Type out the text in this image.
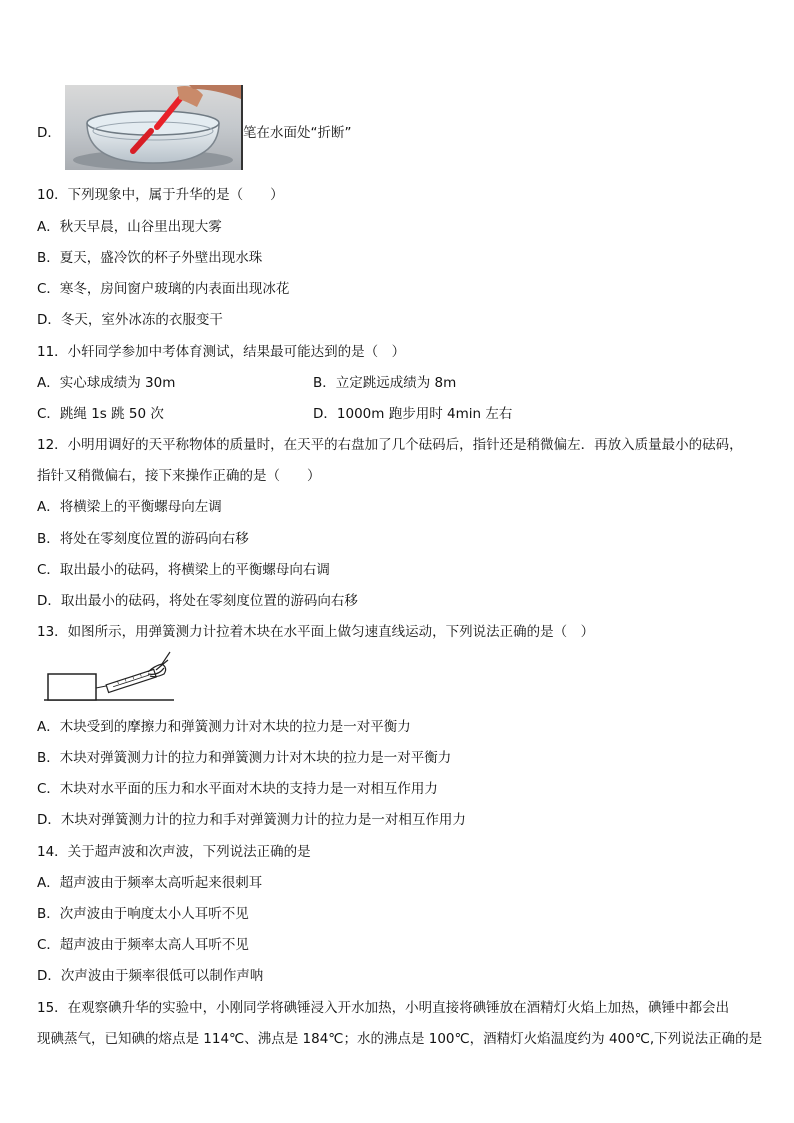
D．	笔在水面处“折断”
10．下列现象中，属于升华的是（　　）
A．秋天早晨，山谷里出现大雾
B．夏天，盛冷饮的杯子外壁出现水珠
C．寒冬，房间窗户玻璃的内表面出现冰花
D．冬天，室外冰冻的衣服变干
11．小轩同学参加中考体育测试，结果最可能达到的是（　）
A．实心球成绩为 30m	B．立定跳远成绩为 8m
C．跳绳 1s 跳 50 次	D．1000m 跑步用时 4min 左右
12．小明用调好的天平称物体的质量时，在天平的右盘加了几个砝码后，指针还是稍微偏左．再放入质量最小的砝码，
指针又稍微偏右，接下来操作正确的是（　　）
A．将横梁上的平衡螺母向左调
B．将处在零刻度位置的游码向右移
C．取出最小的砝码，将横梁上的平衡螺母向右调
D．取出最小的砝码，将处在零刻度位置的游码向右移
13．如图所示，用弹簧测力计拉着木块在水平面上做匀速直线运动，下列说法正确的是（　）
A．木块受到的摩擦力和弹簧测力计对木块的拉力是一对平衡力
B．木块对弹簧测力计的拉力和弹簧测力计对木块的拉力是一对平衡力
C．木块对水平面的压力和水平面对木块的支持力是一对相互作用力
D．木块对弹簧测力计的拉力和手对弹簧测力计的拉力是一对相互作用力
14．关于超声波和次声波，下列说法正确的是
A．超声波由于频率太高听起来很刺耳
B．次声波由于响度太小人耳听不见
C．超声波由于频率太高人耳听不见
D．次声波由于频率很低可以制作声呐
15．在观察碘升华的实验中，小刚同学将碘锤浸入开水加热，小明直接将碘锤放在酒精灯火焰上加热，碘锤中都会出
现碘蒸气，已知碘的熔点是 114℃、沸点是 184℃；水的沸点是 100℃，酒精灯火焰温度约为 400℃,下列说法正确的是
